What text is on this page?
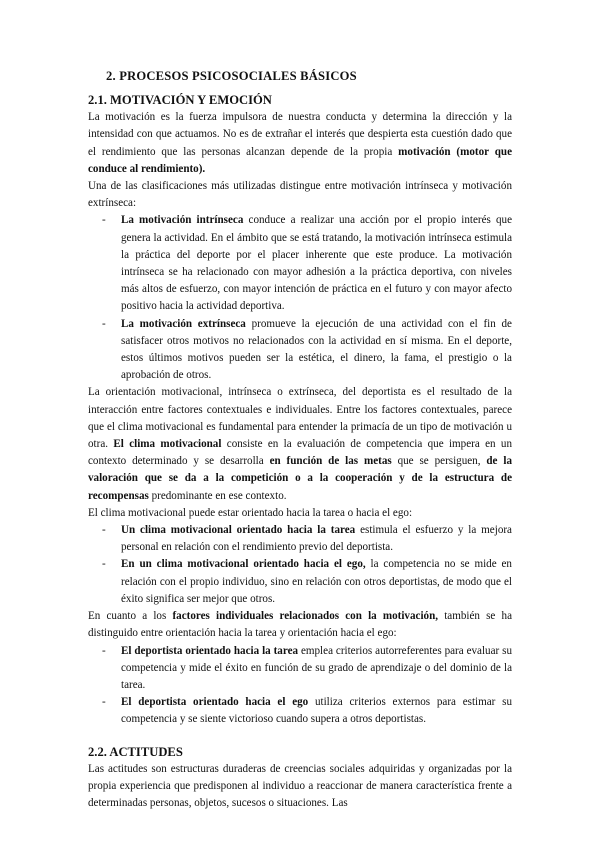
2. PROCESOS PSICOSOCIALES BÁSICOS

2.1. MOTIVACIÓN Y EMOCIÓN

La motivación es la fuerza impulsora de nuestra conducta y determina la dirección y la intensidad con que actuamos. No es de extrañar el interés que despierta esta cuestión dado que el rendimiento que las personas alcanzan depende de la propia motivación (motor que conduce al rendimiento).

Una de las clasificaciones más utilizadas distingue entre motivación intrínseca y motivación extrínseca:

- La motivación intrínseca conduce a realizar una acción por el propio interés que genera la actividad. En el ámbito que se está tratando, la motivación intrínseca estimula la práctica del deporte por el placer inherente que este produce. La motivación intrínseca se ha relacionado con mayor adhesión a la práctica deportiva, con niveles más altos de esfuerzo, con mayor intención de práctica en el futuro y con mayor afecto positivo hacia la actividad deportiva.
- La motivación extrínseca promueve la ejecución de una actividad con el fin de satisfacer otros motivos no relacionados con la actividad en sí misma. En el deporte, estos últimos motivos pueden ser la estética, el dinero, la fama, el prestigio o la aprobación de otros.

La orientación motivacional, intrínseca o extrínseca, del deportista es el resultado de la interacción entre factores contextuales e individuales. Entre los factores contextuales, parece que el clima motivacional es fundamental para entender la primacía de un tipo de motivación u otra. El clima motivacional consiste en la evaluación de competencia que impera en un contexto determinado y se desarrolla en función de las metas que se persiguen, de la valoración que se da a la competición o a la cooperación y de la estructura de recompensas predominante en ese contexto.

El clima motivacional puede estar orientado hacia la tarea o hacia el ego:

- Un clima motivacional orientado hacia la tarea estimula el esfuerzo y la mejora personal en relación con el rendimiento previo del deportista.
- En un clima motivacional orientado hacia el ego, la competencia no se mide en relación con el propio individuo, sino en relación con otros deportistas, de modo que el éxito significa ser mejor que otros.

En cuanto a los factores individuales relacionados con la motivación, también se ha distinguido entre orientación hacia la tarea y orientación hacia el ego:

- El deportista orientado hacia la tarea emplea criterios autorreferentes para evaluar su competencia y mide el éxito en función de su grado de aprendizaje o del dominio de la tarea.
- El deportista orientado hacia el ego utiliza criterios externos para estimar su competencia y se siente victorioso cuando supera a otros deportistas.

2.2. ACTITUDES

Las actitudes son estructuras duraderas de creencias sociales adquiridas y organizadas por la propia experiencia que predisponen al individuo a reaccionar de manera característica frente a determinadas personas, objetos, sucesos o situaciones. Las
